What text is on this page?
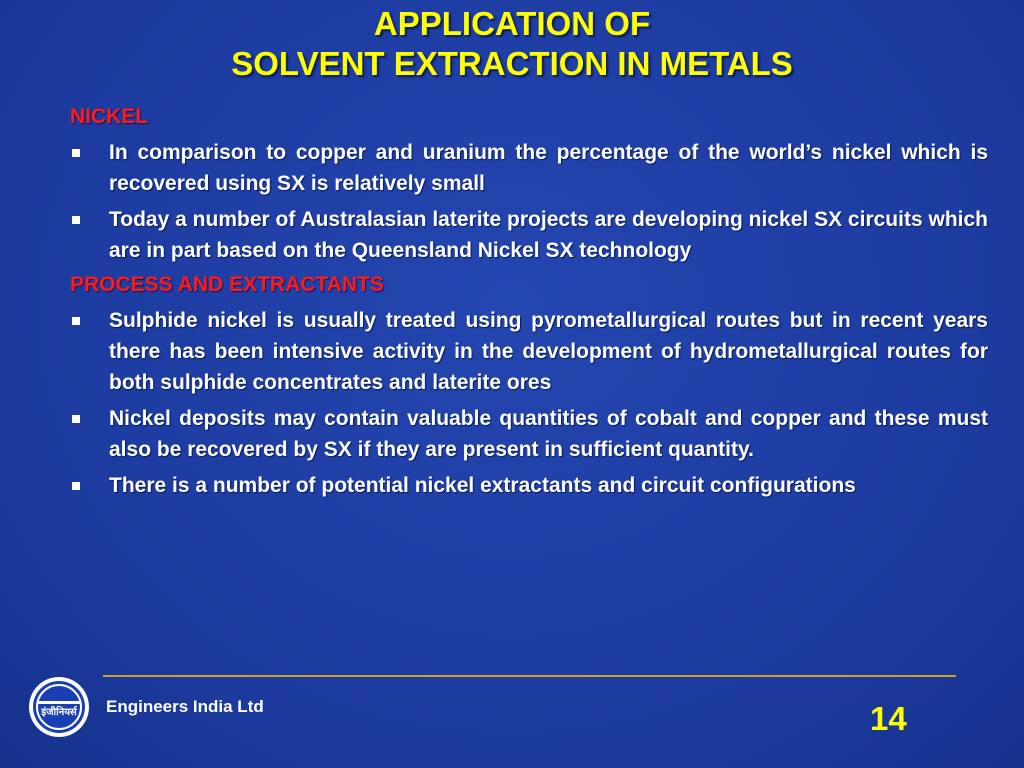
APPLICATION OF
SOLVENT EXTRACTION IN METALS
NICKEL
In comparison to copper and uranium the percentage of the world’s nickel which is recovered using SX is relatively small
Today a number of Australasian laterite projects are developing nickel SX circuits which are in part based on the Queensland Nickel SX technology
PROCESS AND EXTRACTANTS
Sulphide nickel is usually treated using pyrometallurgical routes but in recent years there has been intensive activity in the development of hydrometallurgical routes for both sulphide concentrates and laterite ores
Nickel deposits may contain valuable quantities of cobalt and copper and these must also be recovered by SX if they are present in sufficient quantity.
There is a number of potential nickel extractants and circuit configurations
इंजीनियर्स Engineers India Ltd	14
